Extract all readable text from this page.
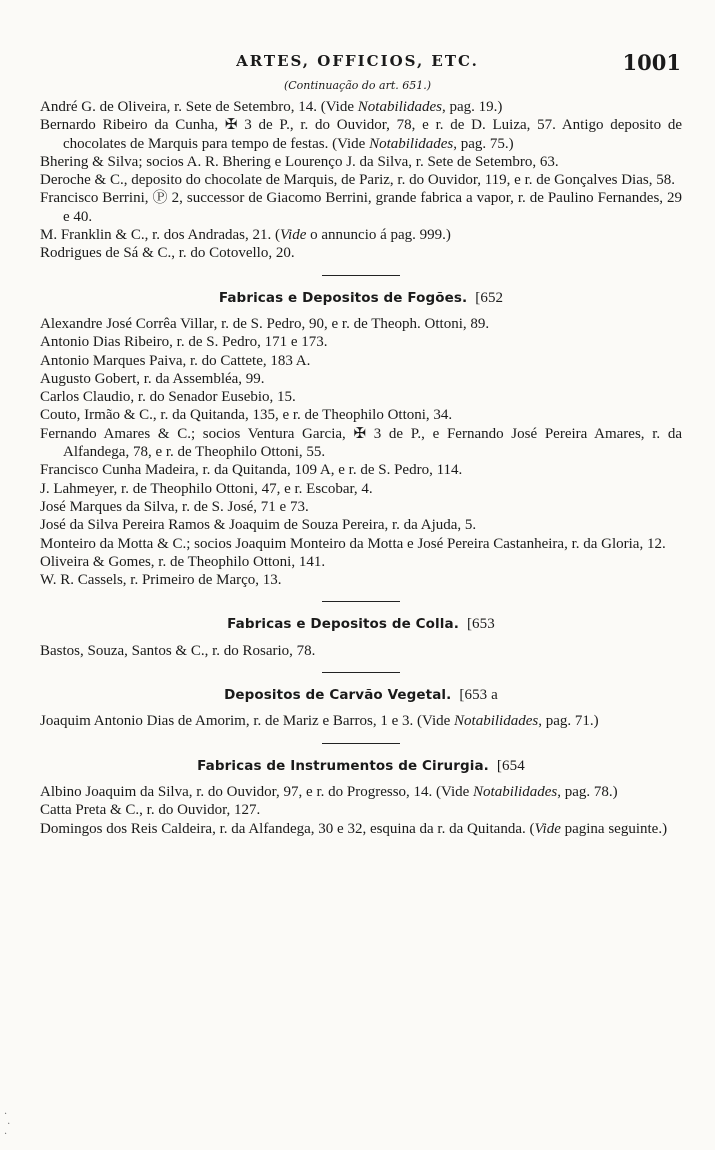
ARTES, OFFICIOS, ETC.	1001
(Continuação do art. 651.)

André G. de Oliveira, r. Sete de Setembro, 14. (Vide Notabilidades, pag. 19.)

Bernardo Ribeiro da Cunha, ✠ 3 de P., r. do Ouvidor, 78, e r. de D. Luiza, 57. Antigo deposito de chocolates de Marquis para tempo de festas. (Vide Notabilidades, pag. 75.)

Bhering & Silva; socios A. R. Bhering e Lourenço J. da Silva, r. Sete de Setembro, 63.

Deroche & C., deposito do chocolate de Marquis, de Pariz, r. do Ouvidor, 119, e r. de Gonçalves Dias, 58.

Francisco Berrini, Ⓟ 2, successor de Giacomo Berrini, grande fabrica a vapor, r. de Paulino Fernandes, 29 e 40.

M. Franklin & C., r. dos Andradas, 21. (Vide o annuncio á pag. 999.)

Rodrigues de Sá & C., r. do Cotovello, 20.

Fabricas e Depositos de Fogões. [652

Alexandre José Corrêa Villar, r. de S. Pedro, 90, e r. de Theoph. Ottoni, 89.

Antonio Dias Ribeiro, r. de S. Pedro, 171 e 173.

Antonio Marques Paiva, r. do Cattete, 183 A.

Augusto Gobert, r. da Assembléa, 99.

Carlos Claudio, r. do Senador Eusebio, 15.

Couto, Irmão & C., r. da Quitanda, 135, e r. de Theophilo Ottoni, 34.

Fernando Amares & C.; socios Ventura Garcia, ✠ 3 de P., e Fernando José Pereira Amares, r. da Alfandega, 78, e r. de Theophilo Ottoni, 55.

Francisco Cunha Madeira, r. da Quitanda, 109 A, e r. de S. Pedro, 114.

J. Lahmeyer, r. de Theophilo Ottoni, 47, e r. Escobar, 4.

José Marques da Silva, r. de S. José, 71 e 73.

José da Silva Pereira Ramos & Joaquim de Souza Pereira, r. da Ajuda, 5.

Monteiro da Motta & C.; socios Joaquim Monteiro da Motta e José Pereira Castanheira, r. da Gloria, 12.

Oliveira & Gomes, r. de Theophilo Ottoni, 141.

W. R. Cassels, r. Primeiro de Março, 13.

Fabricas e Depositos de Colla. [653

Bastos, Souza, Santos & C., r. do Rosario, 78.

Depositos de Carvão Vegetal. [653 a

Joaquim Antonio Dias de Amorim, r. de Mariz e Barros, 1 e 3. (Vide Notabilidades, pag. 71.)

Fabricas de Instrumentos de Cirurgia. [654

Albino Joaquim da Silva, r. do Ouvidor, 97, e r. do Progresso, 14. (Vide Notabilidades, pag. 78.)

Catta Preta & C., r. do Ouvidor, 127.

Domingos dos Reis Caldeira, r. da Alfandega, 30 e 32, esquina da r. da Quitanda. (Vide pagina seguinte.)

·
·
·
